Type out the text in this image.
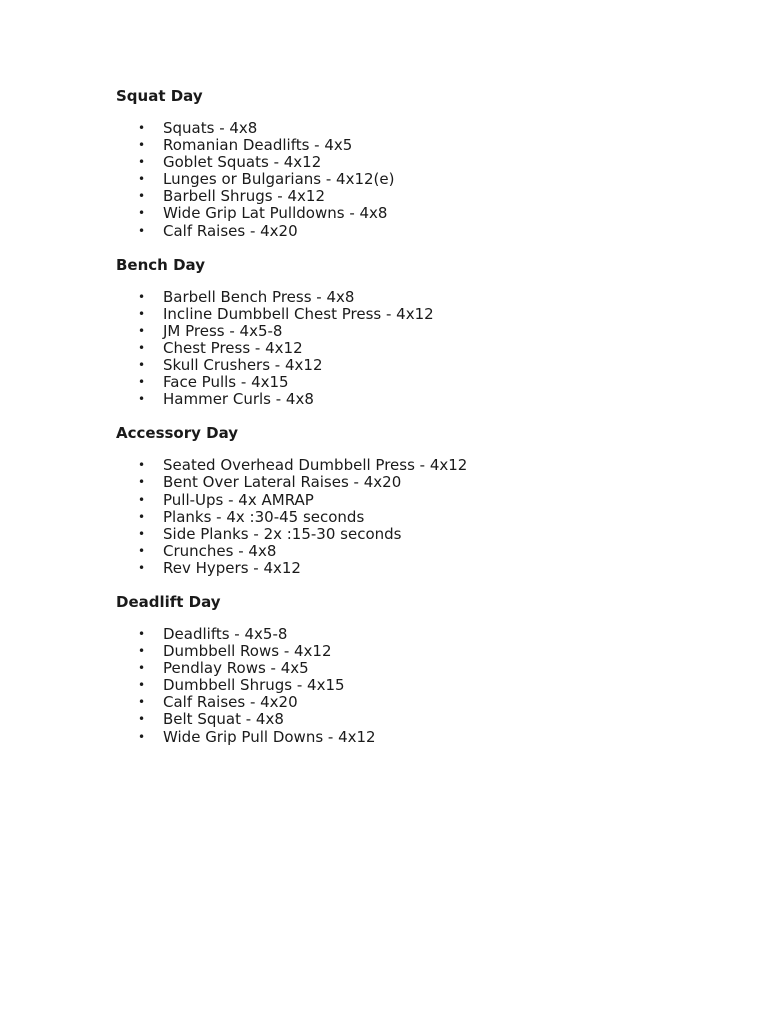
Squat Day
• Squats - 4x8
• Romanian Deadlifts - 4x5
• Goblet Squats - 4x12
• Lunges or Bulgarians - 4x12(e)
• Barbell Shrugs - 4x12
• Wide Grip Lat Pulldowns - 4x8
• Calf Raises - 4x20
Bench Day
• Barbell Bench Press - 4x8
• Incline Dumbbell Chest Press - 4x12
• JM Press - 4x5-8
• Chest Press - 4x12
• Skull Crushers - 4x12
• Face Pulls - 4x15
• Hammer Curls - 4x8
Accessory Day
• Seated Overhead Dumbbell Press - 4x12
• Bent Over Lateral Raises - 4x20
• Pull-Ups - 4x AMRAP
• Planks - 4x :30-45 seconds
• Side Planks - 2x :15-30 seconds
• Crunches - 4x8
• Rev Hypers - 4x12
Deadlift Day
• Deadlifts - 4x5-8
• Dumbbell Rows - 4x12
• Pendlay Rows - 4x5
• Dumbbell Shrugs - 4x15
• Calf Raises - 4x20
• Belt Squat - 4x8
• Wide Grip Pull Downs - 4x12
